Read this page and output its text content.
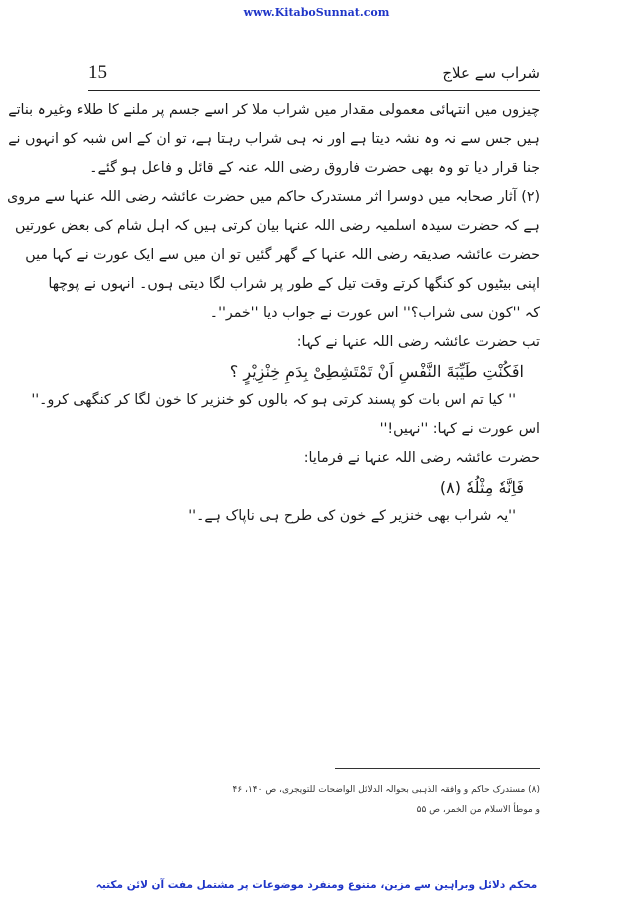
www.KitaboSunnat.com
15	شراب سے علاج
چیزوں میں انتہائی معمولی مقدار میں شراب ملا کر اسے جسم پر ملنے کا طلاء وغیرہ بناتے
ہیں جس سے نہ وہ نشہ دیتا ہے اور نہ ہی شراب رہتا ہے، تو ان کے اس شبہ کو انہوں نے
جنا قرار دیا تو وہ بھی حضرت فاروق رضی اللہ عنہ کے قائل و فاعل ہو گئے۔
(۲) آثار صحابہ میں دوسرا اثر مستدرک حاکم میں حضرت عائشہ رضی اللہ عنہا سے مروی
ہے کہ حضرت سیدہ اسلمیہ رضی اللہ عنہا بیان کرتی ہیں کہ اہل شام کی بعض عورتیں
حضرت عائشہ صدیقہ رضی اللہ عنہا کے گھر گئیں تو ان میں سے ایک عورت نے کہا میں
اپنی بیٹیوں کو کنگھا کرتے وقت تیل کے طور پر شراب لگا دیتی ہوں۔ انہوں نے پوچھا
کہ ''کون سی شراب؟'' اس عورت نے جواب دیا ''خمر''۔
تب حضرت عائشہ رضی اللہ عنہا نے کہا:
افَکُنْتِ طَیِّبَةَ النَّفْسِ اَنْ تَمْتَشِطِیْ بِدَمِ خِنْزِیْرٍ ؟
'' کیا تم اس بات کو پسند کرتی ہو کہ بالوں کو خنزیر کا خون لگا کر کنگھی کرو۔''
اس عورت نے کہا: ''نہیں!''
حضرت عائشہ رضی اللہ عنہا نے فرمایا:
فَاِنَّهٗ مِثْلُهٗ (۸)
''یہ شراب بھی خنزیر کے خون کی طرح ہی ناپاک ہے۔''
(۸) مستدرک حاکم و وافقہ الذہبی بحوالہ الدلائل الواضحات للتویجری، ص ۱۴۰، ۴۶
و موطأ الاسلام من الخمر، ص ۵۵
محکم دلائل وبراہین سے مزین، متنوع ومنفرد موضوعات پر مشتمل مفت آن لائن مکتبہ
